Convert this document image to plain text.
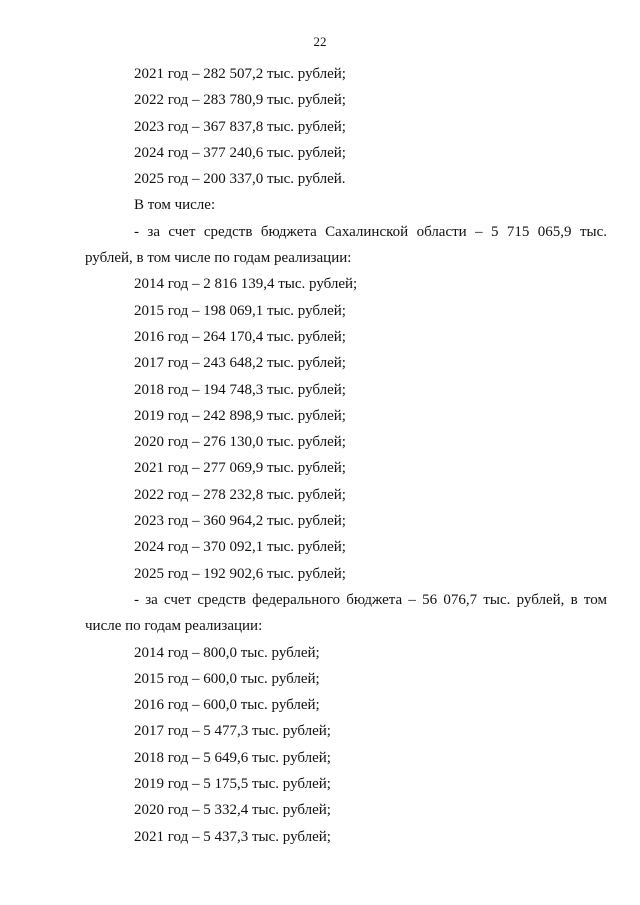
22
2021 год – 282 507,2 тыс. рублей;
2022 год – 283 780,9 тыс. рублей;
2023 год – 367 837,8 тыс. рублей;
2024 год – 377 240,6 тыс. рублей;
2025 год – 200 337,0 тыс. рублей.
В том числе:
- за счет средств бюджета Сахалинской области – 5 715 065,9 тыс. рублей, в том числе по годам реализации:
2014 год – 2 816 139,4 тыс. рублей;
2015 год – 198 069,1 тыс. рублей;
2016 год – 264 170,4 тыс. рублей;
2017 год – 243 648,2 тыс. рублей;
2018 год – 194 748,3 тыс. рублей;
2019 год – 242 898,9 тыс. рублей;
2020 год – 276 130,0 тыс. рублей;
2021 год – 277 069,9 тыс. рублей;
2022 год – 278 232,8 тыс. рублей;
2023 год – 360 964,2 тыс. рублей;
2024 год – 370 092,1 тыс. рублей;
2025 год – 192 902,6 тыс. рублей;
- за счет средств федерального бюджета – 56 076,7 тыс. рублей, в том числе по годам реализации:
2014 год – 800,0 тыс. рублей;
2015 год – 600,0 тыс. рублей;
2016 год – 600,0 тыс. рублей;
2017 год – 5 477,3 тыс. рублей;
2018 год – 5 649,6 тыс. рублей;
2019 год – 5 175,5 тыс. рублей;
2020 год – 5 332,4 тыс. рублей;
2021 год – 5 437,3 тыс. рублей;
